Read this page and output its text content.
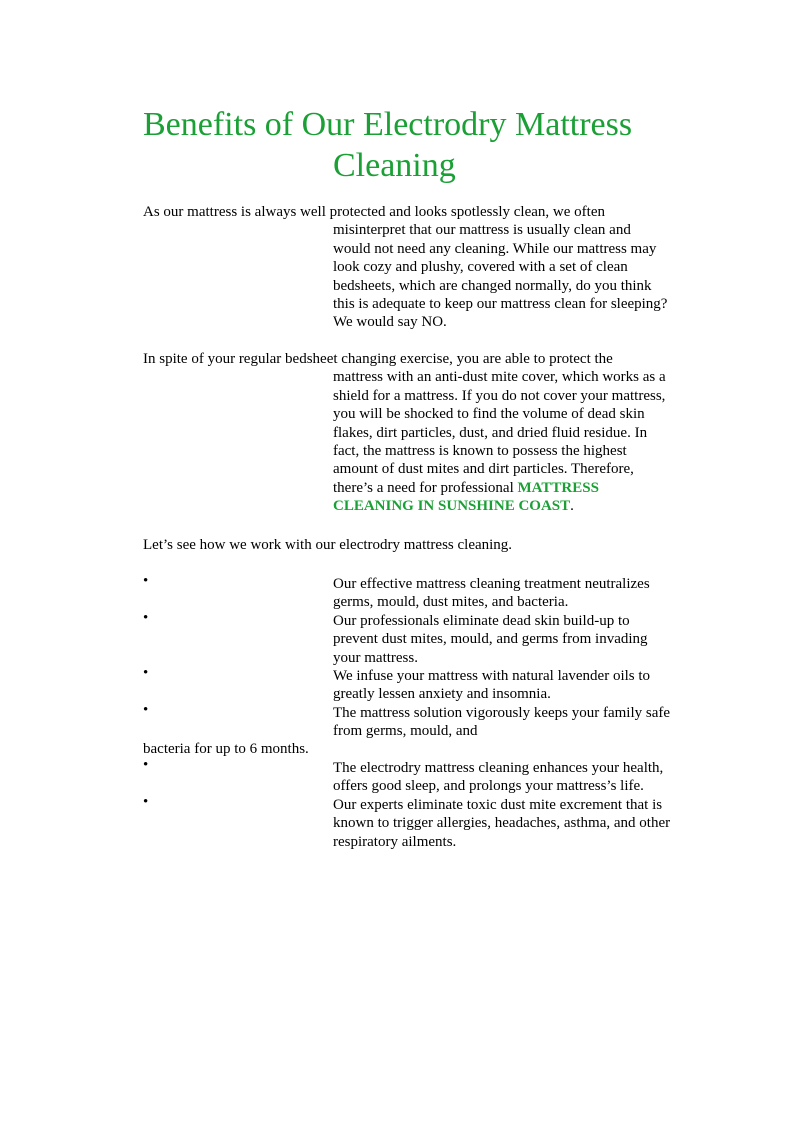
Benefits of Our Electrodry Mattress
Cleaning
As our mattress is always well protected and looks spotlessly clean, we often
misinterpret that our mattress is usually clean and
would not need any cleaning. While our mattress may
look cozy and plushy, covered with a set of clean
bedsheets, which are changed normally, do you think
this is adequate to keep our mattress clean for sleeping?
We would say NO.
In spite of your regular bedsheet changing exercise, you are able to protect the
mattress with an anti-dust mite cover, which works as a
shield for a mattress. If you do not cover your mattress,
you will be shocked to find the volume of dead skin
flakes, dirt particles, dust, and dried fluid residue. In
fact, the mattress is known to possess the highest
amount of dust mites and dirt particles. Therefore,
there’s a need for professional MATTRESS
CLEANING IN SUNSHINE COAST.

Let’s see how we work with our electrodry mattress cleaning.

•	Our effective mattress cleaning treatment neutralizes
germs, mould, dust mites, and bacteria.
•	Our professionals eliminate dead skin build-up to
prevent dust mites, mould, and germs from invading
your mattress.
•	We infuse your mattress with natural lavender oils to
greatly lessen anxiety and insomnia.
•	The mattress solution vigorously keeps your family safe
from germs, mould, and
bacteria for up to 6 months.
•	The electrodry mattress cleaning enhances your health,
offers good sleep, and prolongs your mattress’s life.
•	Our experts eliminate toxic dust mite excrement that is
known to trigger allergies, headaches, asthma, and other
respiratory ailments.
